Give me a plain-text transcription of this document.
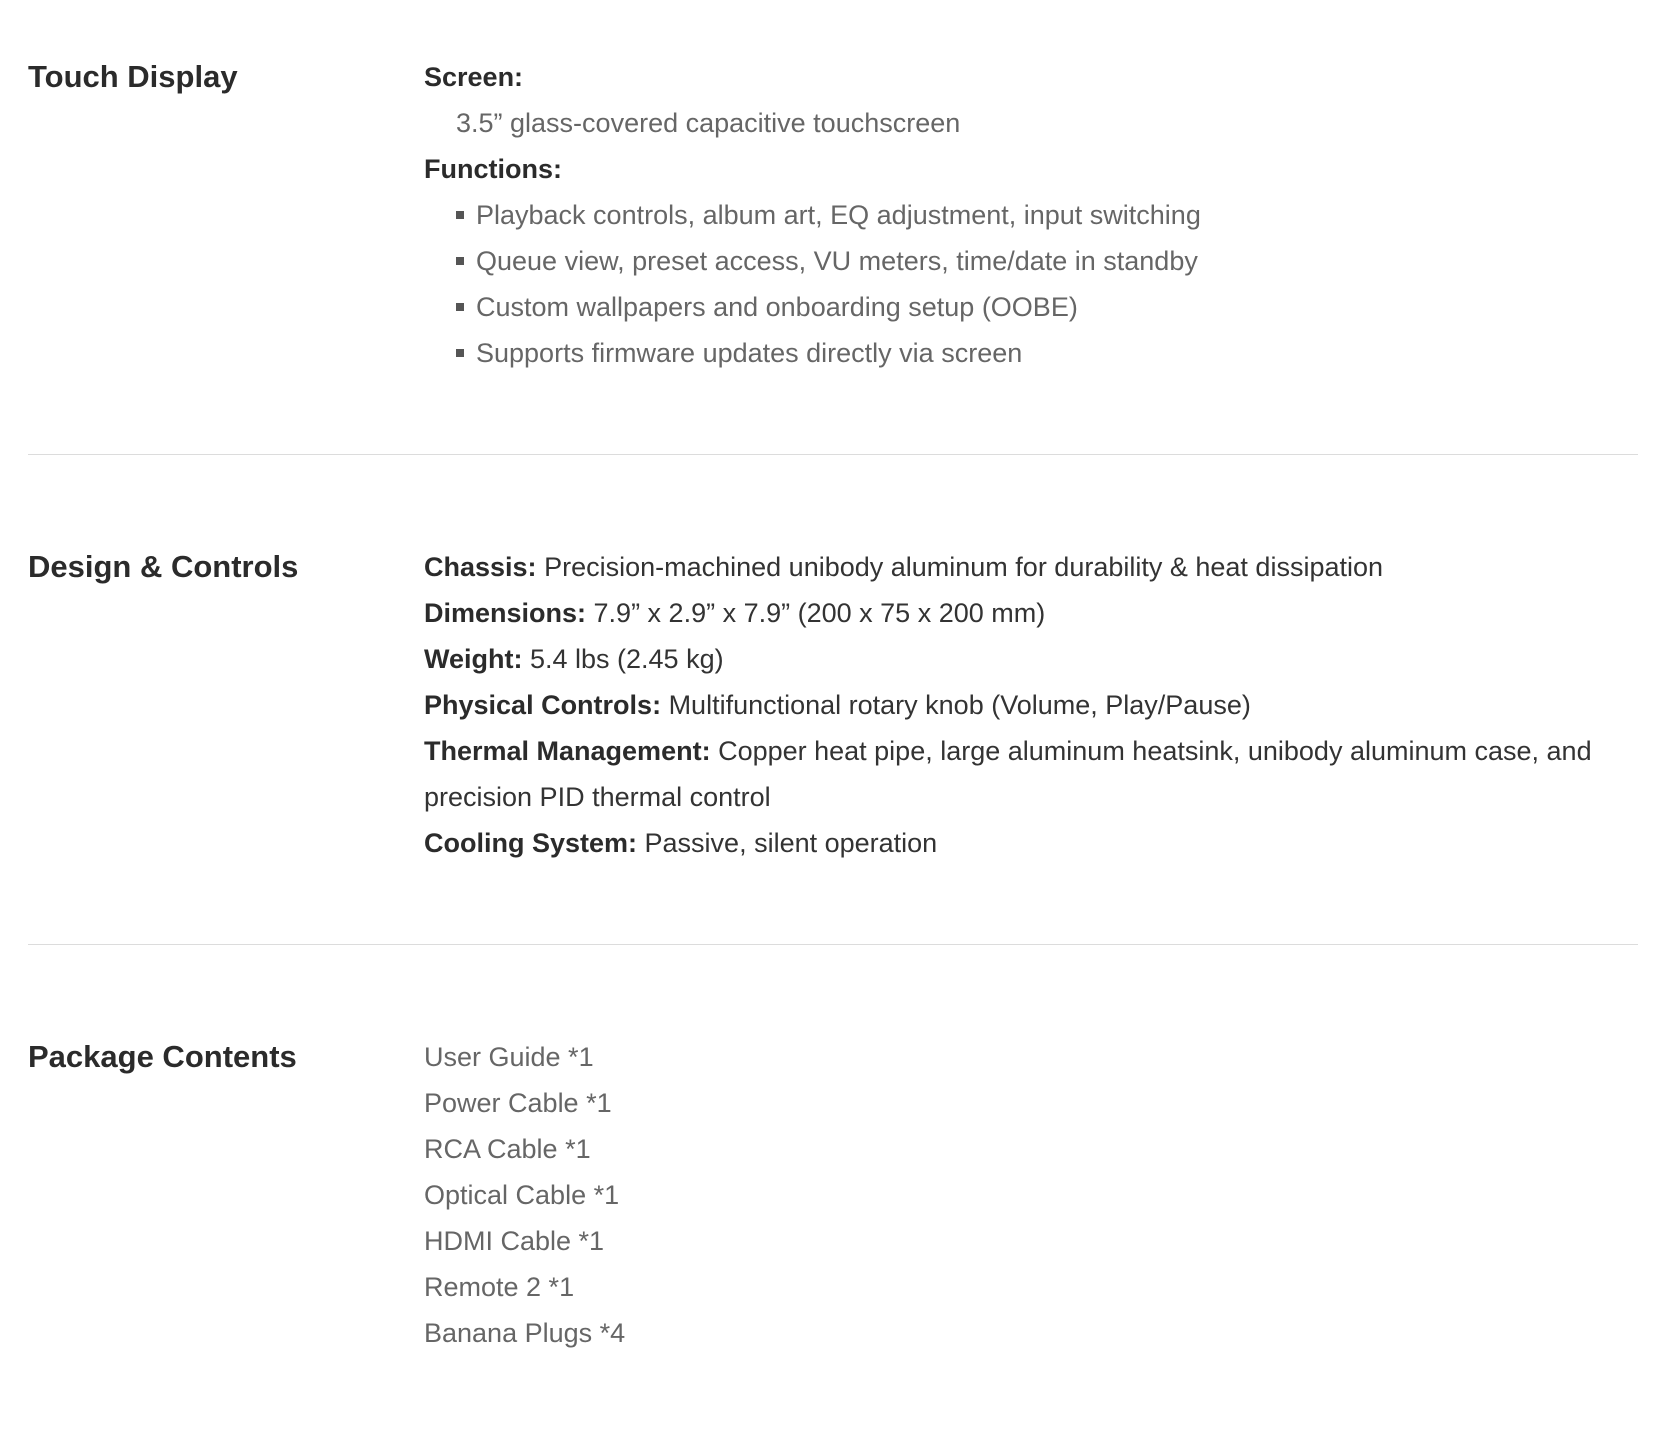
Touch Display	Screen:
3.5” glass-covered capacitive touchscreen
Functions:
Playback controls, album art, EQ adjustment, input switching
Queue view, preset access, VU meters, time/date in standby
Custom wallpapers and onboarding setup (OOBE)
Supports firmware updates directly via screen
Design & Controls	Chassis: Precision-machined unibody aluminum for durability & heat dissipation
Dimensions: 7.9” x 2.9” x 7.9” (200 x 75 x 200 mm)
Weight: 5.4 lbs (2.45 kg)
Physical Controls: Multifunctional rotary knob (Volume, Play/Pause)
Thermal Management: Copper heat pipe, large aluminum heatsink, unibody aluminum case, and precision PID thermal control
Cooling System: Passive, silent operation
Package Contents	User Guide *1
Power Cable *1
RCA Cable *1
Optical Cable *1
HDMI Cable *1
Remote 2 *1
Banana Plugs *4
